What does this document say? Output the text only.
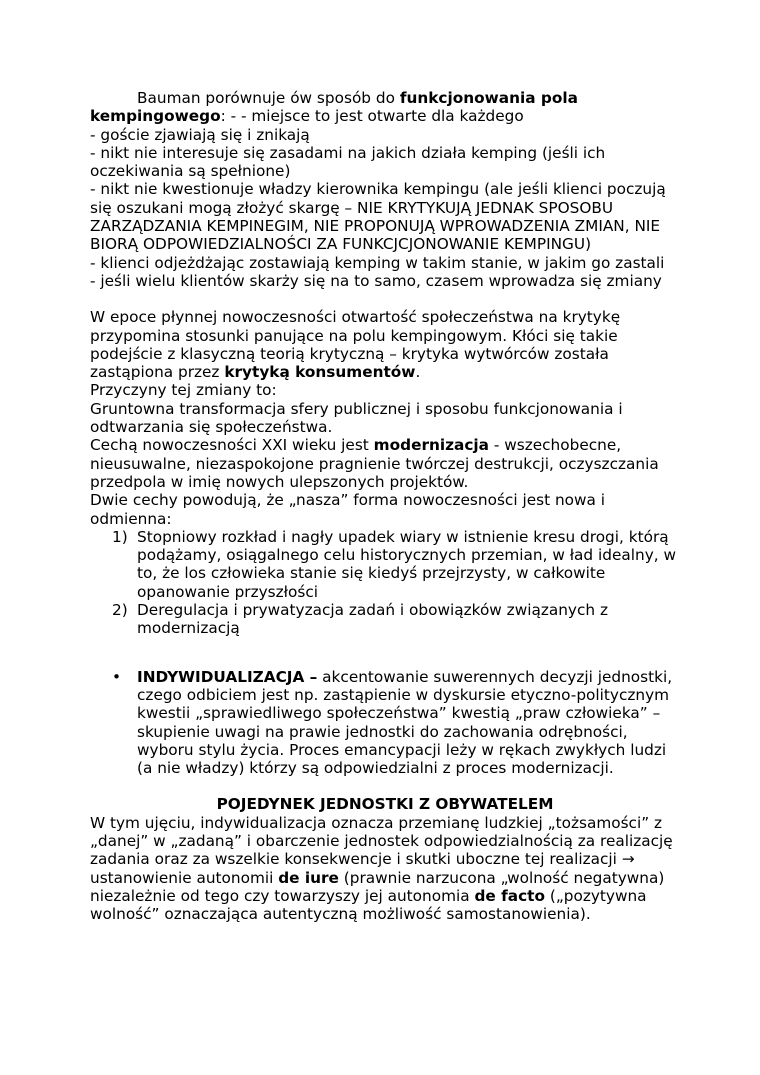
Bauman porównuje ów sposób do funkcjonowania pola kempingowego: - - miejsce to jest otwarte dla każdego

- goście zjawiają się i znikają

- nikt nie interesuje się zasadami na jakich działa kemping (jeśli ich oczekiwania są spełnione)

- nikt nie kwestionuje władzy kierownika kempingu (ale jeśli klienci poczują się oszukani mogą złożyć skargę – NIE KRYTYKUJĄ JEDNAK SPOSOBU ZARZĄDZANIA KEMPINEGIM, NIE PROPONUJĄ WPROWADZENIA ZMIAN, NIE BIORĄ ODPOWIEDZIALNOŚCI ZA FUNKCJCJONOWANIE KEMPINGU)

- klienci odjeżdżając zostawiają kemping w takim stanie, w jakim go zastali

- jeśli wielu klientów skarży się na to samo, czasem wprowadza się zmiany

W epoce płynnej nowoczesności otwartość społeczeństwa na krytykę przypomina stosunki panujące na polu kempingowym. Kłóci się takie podejście z klasyczną teorią krytyczną – krytyka wytwórców została zastąpiona przez krytyką konsumentów.

Przyczyny tej zmiany to:

Gruntowna transformacja sfery publicznej i sposobu funkcjonowania i odtwarzania się społeczeństwa.

Cechą nowoczesności XXI wieku jest modernizacja - wszechobecne, nieusuwalne, niezaspokojone pragnienie twórczej destrukcji, oczyszczania przedpola w imię nowych ulepszonych projektów.

Dwie cechy powodują, że „nasza” forma nowoczesności jest nowa i odmienna:

1) Stopniowy rozkład i nagły upadek wiary w istnienie kresu drogi, którą podążamy, osiągalnego celu historycznych przemian, w ład idealny, w to, że los człowieka stanie się kiedyś przejrzysty, w całkowite opanowanie przyszłości
2) Deregulacja i prywatyzacja zadań i obowiązków związanych z modernizacją
• INDYWIDUALIZACJA – akcentowanie suwerennych decyzji jednostki, czego odbiciem jest np. zastąpienie w dyskursie etyczno-politycznym kwestii „sprawiedliwego społeczeństwa” kwestią „praw człowieka” – skupienie uwagi na prawie jednostki do zachowania odrębności, wyboru stylu życia. Proces emancypacji leży w rękach zwykłych ludzi (a nie władzy) którzy są odpowiedzialni z proces modernizacji.

POJEDYNEK JEDNOSTKI Z OBYWATELEM

W tym ujęciu, indywidualizacja oznacza przemianę ludzkiej „tożsamości” z „danej” w „zadaną” i obarczenie jednostek odpowiedzialnością za realizację zadania oraz za wszelkie konsekwencje i skutki uboczne tej realizacji → ustanowienie autonomii de iure (prawnie narzucona „wolność negatywna) niezależnie od tego czy towarzyszy jej autonomia de facto („pozytywna wolność” oznaczająca autentyczną możliwość samostanowienia).
